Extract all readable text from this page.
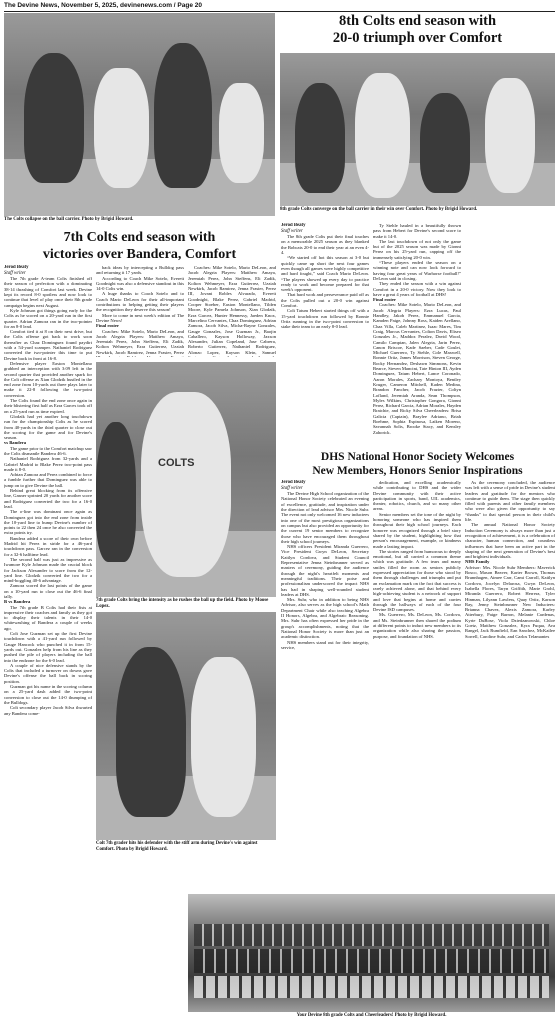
The Devine News, November 5, 2025, devinenews.com / Page 20
The Colts collapse on the ball carrier. Photo by Brigid Howard.
8th Colts end season with
20-0 triumph over Comfort
8th grade Colts converge on the ball carrier in their win over Comfort. Photo by Brigid Howard.
7th Colts end season with
victories over Bandera, Comfort
Jerod Beaty
Staff writer

The 8th grade Colts put their final touches on a memorable 2025 season as they blanked the Bobcats 20-0 to end their year at an even 4-4.

“We started off hot this season at 3-0 but quickly came up short the next four games even though all games were highly competitive and hard fought,” said Coach Mario DeLeon. “The players showed up every day to practice ready to work and become prepared for that week's opponent.

That hard work and perseverance paid off as the Colts pulled out a 20-0 win against Comfort.

Colt Tatum Hebert started things off with a 15-yard touchdown run followed by Ronnie Ortiz running in the two-point conversion to stake their team to an early 8-0 lead.

Ty Stehle hauled in a beautifully thrown pass from Hebert for Devine's second score to make it 14-0.

The last touchdown of not only the game but of the 2025 season was made by Gionni Perez on his 25-yard run, capping off the immensely satisfying 20-0 win.

“These players ended the season on a winning note and can now look forward to having four great years of Warhorse football!” DeLeon said in closing.

They ended the season with a win against Comfort in a 20-0 victory. Now they look to have a great 4 years of football at DHS!

Final roster

Coaches: Mike Sotelo, Mario DeLeon, and Jacob Alegria Players: Ezra Lucas, Paul Handley, Jakob Perez, Emmanuel Garcia, Kamden Paige, Johnny Ross, Kaiden Arellano, Chaz Villa, Caleb Martinez, Isaac Mares, Tim Craig, Marcus Cervantes, Colton Davis, Eliseo Gonzales Jr., Maddox Peralez, David Wood, Camilo Campian, Jalen Alegria, Jarin Perez, Canon Briscoe, Kade Saeber, Cade Goulet, Michael Guerrero, Ty Stehle, Cole Maxwell, Ronnie Ortiz, James Morrison, Steven George, Rocky Hernandez, Deshawn Simmons, Kevin Bearce, Steven Mancini, Tate Hinton III, Ayden Dominguez, Tatum Hebert, Lance Coronado, Aaron Morales, Zachary Montoya, Bentley Kruger, Cameron Mitchell, Kaden Medina, Brandon Fancher, Jacob Frazier, Coltyn Lofland, Jeremiah Aranda, Sean Thompson, Myles Wilkins, Christopher Gongora, Gionni Perez, Richard Garcia, Adrian Morales, Hayden Bratchie, and Ricky Silva Cheerleaders: Brisa Galicia (Captain), Braylee Adriano, Briah Boehme, Sophia Espinosa, Laiken Moreno, Savannah Solis, Brooke Stacy, and Kensley Zahorick.

Jerod Beaty
Staff writer

The 7th grade A-team Colts finished off their season of perfection with a dominating 38-14 thrashing of Comfort last week. Devine kept its record 8-0 spotless and now look to continue that level of play once their 8th grade campaign begins next August.

Kyle Johnson got things going early for the Colts as he scored on a 20-yard run in the first quarter. Adrian Zamora ran in the two-pointer for an 8-0 lead.

Comfort tied it at 8 on their next drive, but the Colts offense got back to work soon thereafter as Chaz Dominguez found paydirt with a 54-yard scamper. Nathaniel Rodriguez converted the two-pointer this time to put Devine back in front at 16-8.

Defensive player Easton Montellano grabbed an interception with 3:09 left in the second quarter that provided another spark for the Colt offense as Xian Glodzik hustled in the end zone from 10-yards out three plays later to make it 22-8 following the two-point conversion.

The Colts found the end zone once again in their blistering first half as Ezra Garces took off on a 25-yard run as time expired.

Glodzik had yet another long touchdown run for the championship Colts as he scored from 40-yards in the third quarter to close out the scoring for the game and for Devine's season.

vs Bandera

The game prior to the Comfort matchup saw the Colts dismantle Bandera 46-6.

Nathaniel Rodriguez from 32-yards and a Gabriel Madrid to Blake Perez two-point pass made it 8-0.

Adrian Zamora and Perez combined to force a fumble further that Dominguez was able to jump on to give Devine the ball.

Behind great blocking from its offensive line, Gasner sprinted 20 yards for another score and Rodriguez converted the two for a 16-0 lead.

The o-line was dominant once again as Dominguez got into the end zone from inside the 10-yard line to bump Devine's number of points to 22 then 24 once he also converted the extra points try.

Bandera added a score of their own before Madrid hit Perez in stride for a 46-yard touchdown pass. Garcez ran in the conversion for a 32-6 halftime lead.

The second half was just as impressive as Iwamore Kyle Johnson made the crucial block for Jackson Alexander to score from the 12-yard line. Glodzik converted the two for a mind-boggling 40-6 advantage.

Zamora scored the last points of the game on a 10-yard run to close out the 46-6 final tally.

B vs Bandera

The 7th grade B Colts had their fists at impressive their coaches and family as they got to display their talents in their 14-0 whitewashing of Bandera a couple of weeks ago.

Colt Jose Guzman set up the first Devine touchdown with a 41-yard run followed by Gauge Hancock who punched it in from 15-yards out. Gonzalez help from his line as they pushed the pile of players including the ball into the endzone for the 6-0 lead.

A couple of nice defensive stands by the Colts that included a turnover on downs gave Devine's offense the ball back in scoring position.

Guzman got his name in the scoring column on a 25-yard dash added the two-point conversion to close out the 14-0 thumping of the Bulldogs.

Colt secondary player Jacob Silva thwarted any Bandera come-

back ideas by intercepting a Bulldog pass and returning it 17 yards.

According to Coach Mike Sotelo, Everett Goodnight was also a defensive standout in this 14-0 Colts win.

A huge thanks to Coach Sotelo and to Coach Mario DeLeon for their all-important contributions to helping getting their players the recognition they deserve this season!

More to come in next week's edition of The Devine News!

Final roster

Coaches: Mike Sotelo, Mario DeLeon, and Jacob Alegria Players: Matthew Amaya, Jeremiah Perez, John Steffens, Eli Zadik, Kolton Wehmeyer, Ezra Gutierrez, Uzziah Newkirk, Jacob Ramirez, Jenna Frasier, Perez

Coaches: Mike Sotelo, Mario DeLeon, and Jacob Alegria Players: Matthew Amaya, Jeremiah Perez, John Steffens, Eli Zadik, Kolton Wehmeyer, Ezra Gutierrez, Uzziah Newkirk, Jacob Ramirez, Jenna Frasier, Perez III, Jovani Robles Alvarado, Everett Goodnight, Blake Perez, Gabriel Madrid, Cooper Stoeber, Easton Montellano, Tilden Moore, Kyle Pamela Johnson, Xian Glodzik, Ezra Garcez, Hunter Hennessy, Jaeden Knox, Marcelino Cervantes, Chaz Dominguez, Adrian Zamora, Jacob Silva, Micha-Rayne Gonzales, Gauge Gonzales, Jose Guzman Jr., Baojin Caballero, Kayson Holloway, Jaxson Alexander, Julian Copeland, Jase Cabrera, Roberto Gutierrez, Nathaniel Rodriguez, Alonzo Lopez, Kayson Klein, Samuel

COLTS
7th grade Colts bring the intensity as he rushes the ball up the field. Photo by Moose Lopez.
DHS National Honor Society Welcomes
New Members, Honors Senior Inspirations
Jerod Beaty
Staff writer

The Devine High School organization of the National Honor Society celebrated an evening of excellence, gratitude, and inspiration under the direction of lead advisor Mrs. Nicole Suhr. The event not only welcomed 16 new inductees into one of the most prestigious organizations on campus but also provided an opportunity for the current 19 senior members to recognize those who have encouraged them throughout their high school journeys.

NHS officers President Miranda Guerrero, Vice President Gwyn DeLeon, Secretary Kaitlyn Cordova, and Student Council Representative Jenna Steinbrunner served as masters of ceremony, guiding the audience through the night's heartfelt moments and meaningful traditions. Their poise and professionalism underscored the impact NHS has had in shaping well-rounded student leaders at DHS.

Mrs. Suhr, who in addition to being NHS Advisor, also serves as the high school's Math Department Chair while also teaching Algebra II Honors, Algebra, and Algebraic Reasoning. Mrs. Suhr has often expressed her pride in the group's accomplishments, noting that the National Honor Society is more than just an academic distinction.

NHS members stand out for their integrity, service,

dedication, and excelling academically while contributing to DHS and the wider Devine community with their active participation in sports, band, UIL academics, theater, robotics, church, and so many other areas.

Senior members set the tone of the night by honoring someone who has inspired them throughout their high school journeys. Each honoree was recognized through a brief story shared by the student, highlighting how that person's encouragement, example, or kindness made a lasting impact.

The stories ranged from humorous to deeply emotional, but all carried a common theme which was gratitude. A few tears and many smiles filled the room as seniors publicly expressed appreciation for those who stood by them through challenges and triumphs and put an exclamation mark on the fact that success is rarely achieved alone, and that behind every high-achieving student is a network of support and love that begins at home and carries through the hallways of each of the four Devine ISD campuses.

Ms. Guerrero, Ms. DeLeon, Ms. Cordova, and Ms. Steinbrunner then shared the podium at different points to induct new members to its organization while also sharing the passion, purpose, and foundation of NHS.

As the ceremony concluded, the audience was left with a sense of pride in Devine's student leaders and gratitude for the mentors who continue to guide them. The stage then quickly filled with parents and other family members who were also given the opportunity to say “thanks” to that special person in their child's life.

The annual National Honor Society Induction Ceremony is always more than just a recognition of achievement, it is a celebration of character, human connection, and countless influences that have been an active part in the shaping of the next generation of Devine's best and brightest individuals.

NHS Family

Advisor: Mrs. Nicole Suhr Members: Maverick Bosco, Mason Beaver, Karter Brown, Thomas Brunnhagen, Aimee Carr, Cami Carroll, Kaitlyn Cordova, Jocelyn Delarosa, Gwyn DeLeon, Isabella Flores, Taryn Griffith, Marie Grohl, Miranda Guerrero, Robert Herrera, Tyler Hinman, Lilyann Lawless, Quay Ortiz, Karson Ray, Jenny Steinbrunner New Inductees: Brianna Chavez, Alexis Zamora, Karley Atterbury, Paige Barron, Melanie Cardenas, Kyrie DuBose, Viola Dziedzanowski, Chloe Goetz, Matthew Gonzalez, Kyra Fuqua, Ava Rangel, Jack Rumfield, Ean Sanchez, McKailee Sorrell, Caroline Suhr, and Carlos Telamantes

Colt 7th grader hits his defender with the stiff arm during Devine's win against Comfort. Photo by Brigid Howard.
Your Devine 8th grade Colts and Cheerleaders! Photo by Brigid Howard.
